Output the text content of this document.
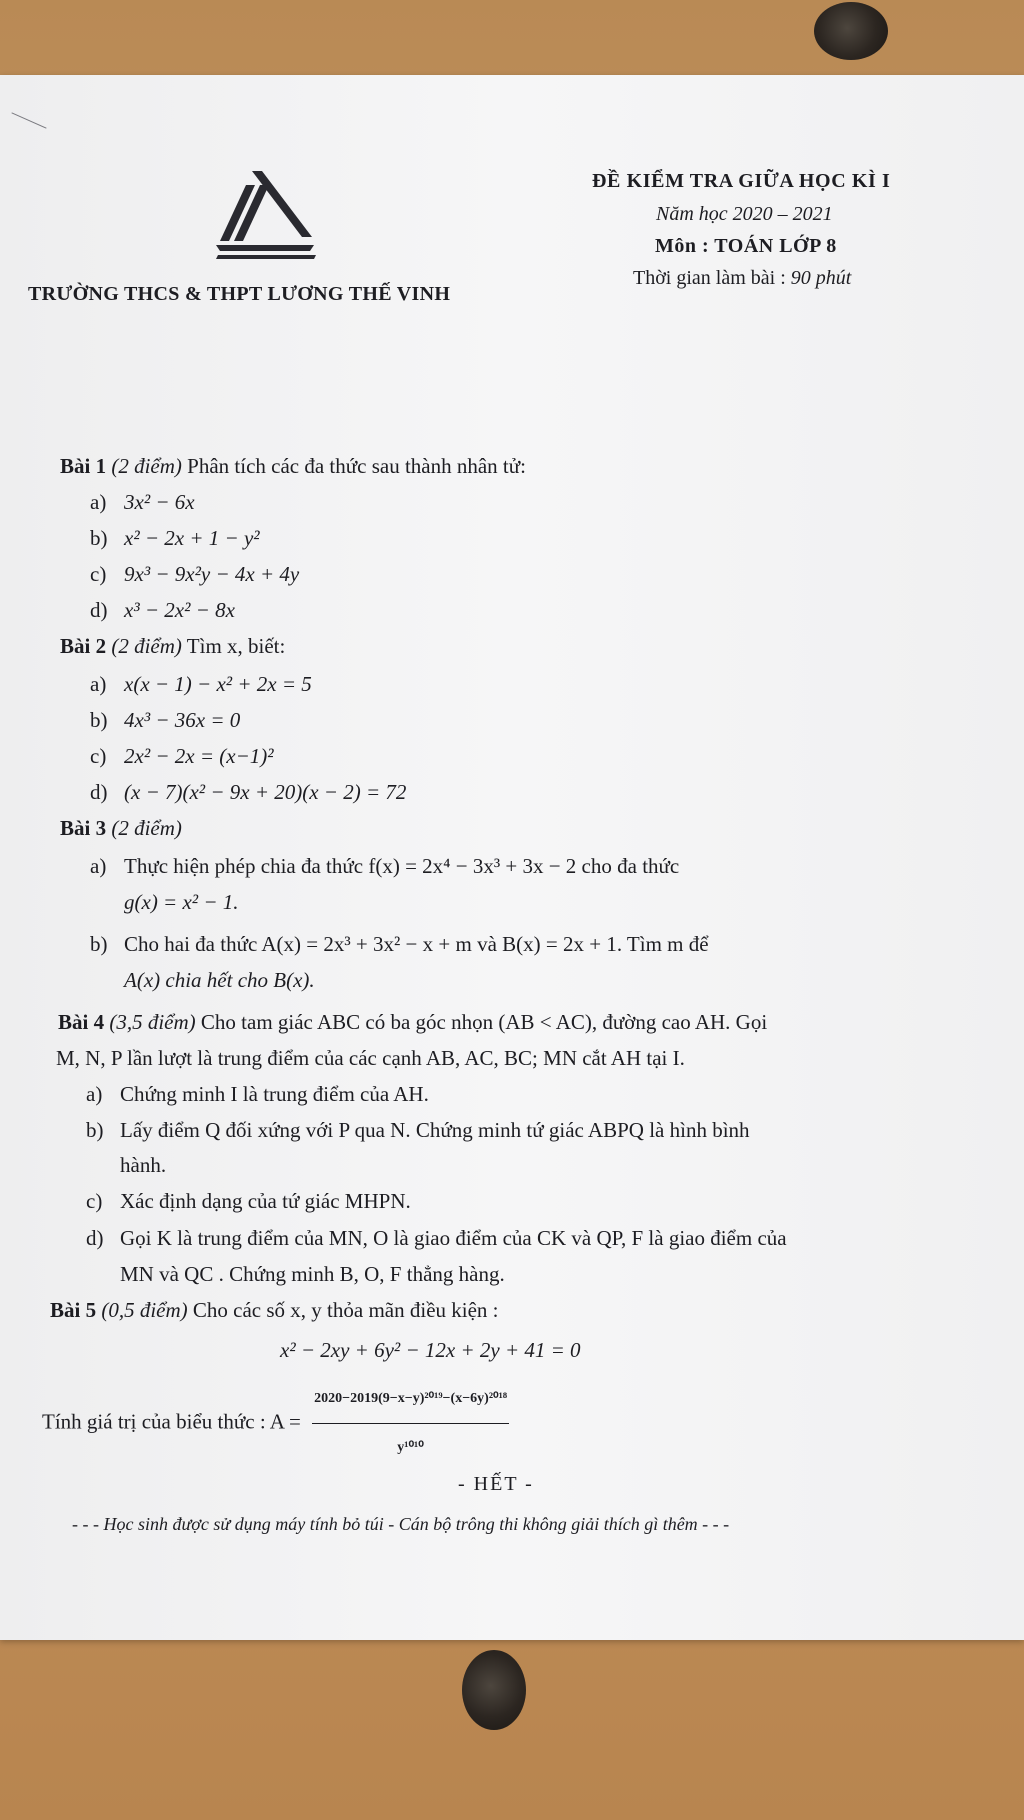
TRƯỜNG THCS & THPT LƯƠNG THẾ VINH
ĐỀ KIỂM TRA GIỮA HỌC KÌ I
Năm học 2020 – 2021
Môn : TOÁN LỚP 8
Thời gian làm bài : 90 phút
Bài 1 (2 điểm) Phân tích các đa thức sau thành nhân tử:
a) 3x² − 6x
b) x² − 2x + 1 − y²
c) 9x³ − 9x²y − 4x + 4y
d) x³ − 2x² − 8x
Bài 2 (2 điểm) Tìm x, biết:
a) x(x − 1) − x² + 2x = 5
b) 4x³ − 36x = 0
c) 2x² − 2x = (x−1)²
d) (x − 7)(x² − 9x + 20)(x − 2) = 72
Bài 3 (2 điểm)
a) Thực hiện phép chia đa thức f(x) = 2x⁴ − 3x³ + 3x − 2 cho đa thức
g(x) = x² − 1.
b) Cho hai đa thức A(x) = 2x³ + 3x² − x + m và B(x) = 2x + 1. Tìm m để
A(x) chia hết cho B(x).
Bài 4 (3,5 điểm) Cho tam giác ABC có ba góc nhọn (AB < AC), đường cao AH. Gọi
M, N, P lần lượt là trung điểm của các cạnh AB, AC, BC; MN cắt AH tại I.
a) Chứng minh I là trung điểm của AH.
b) Lấy điểm Q đối xứng với P qua N. Chứng minh tứ giác ABPQ là hình bình
hành.
c) Xác định dạng của tứ giác MHPN.
d) Gọi K là trung điểm của MN, O là giao điểm của CK và QP, F là giao điểm của
MN và QC . Chứng minh B, O, F thẳng hàng.
Bài 5 (0,5 điểm) Cho các số x, y thỏa mãn điều kiện :
x² − 2xy + 6y² − 12x + 2y + 41 = 0
Tính giá trị của biểu thức : $A = \frac{\text{2020−2019(9−x−y)²⁰¹⁹−(x−6y)²⁰¹⁸}}{\text{y¹⁰¹⁰}}$
- HẾT -
- - - Học sinh được sử dụng máy tính bỏ túi - Cán bộ trông thi không giải thích gì thêm - - -
